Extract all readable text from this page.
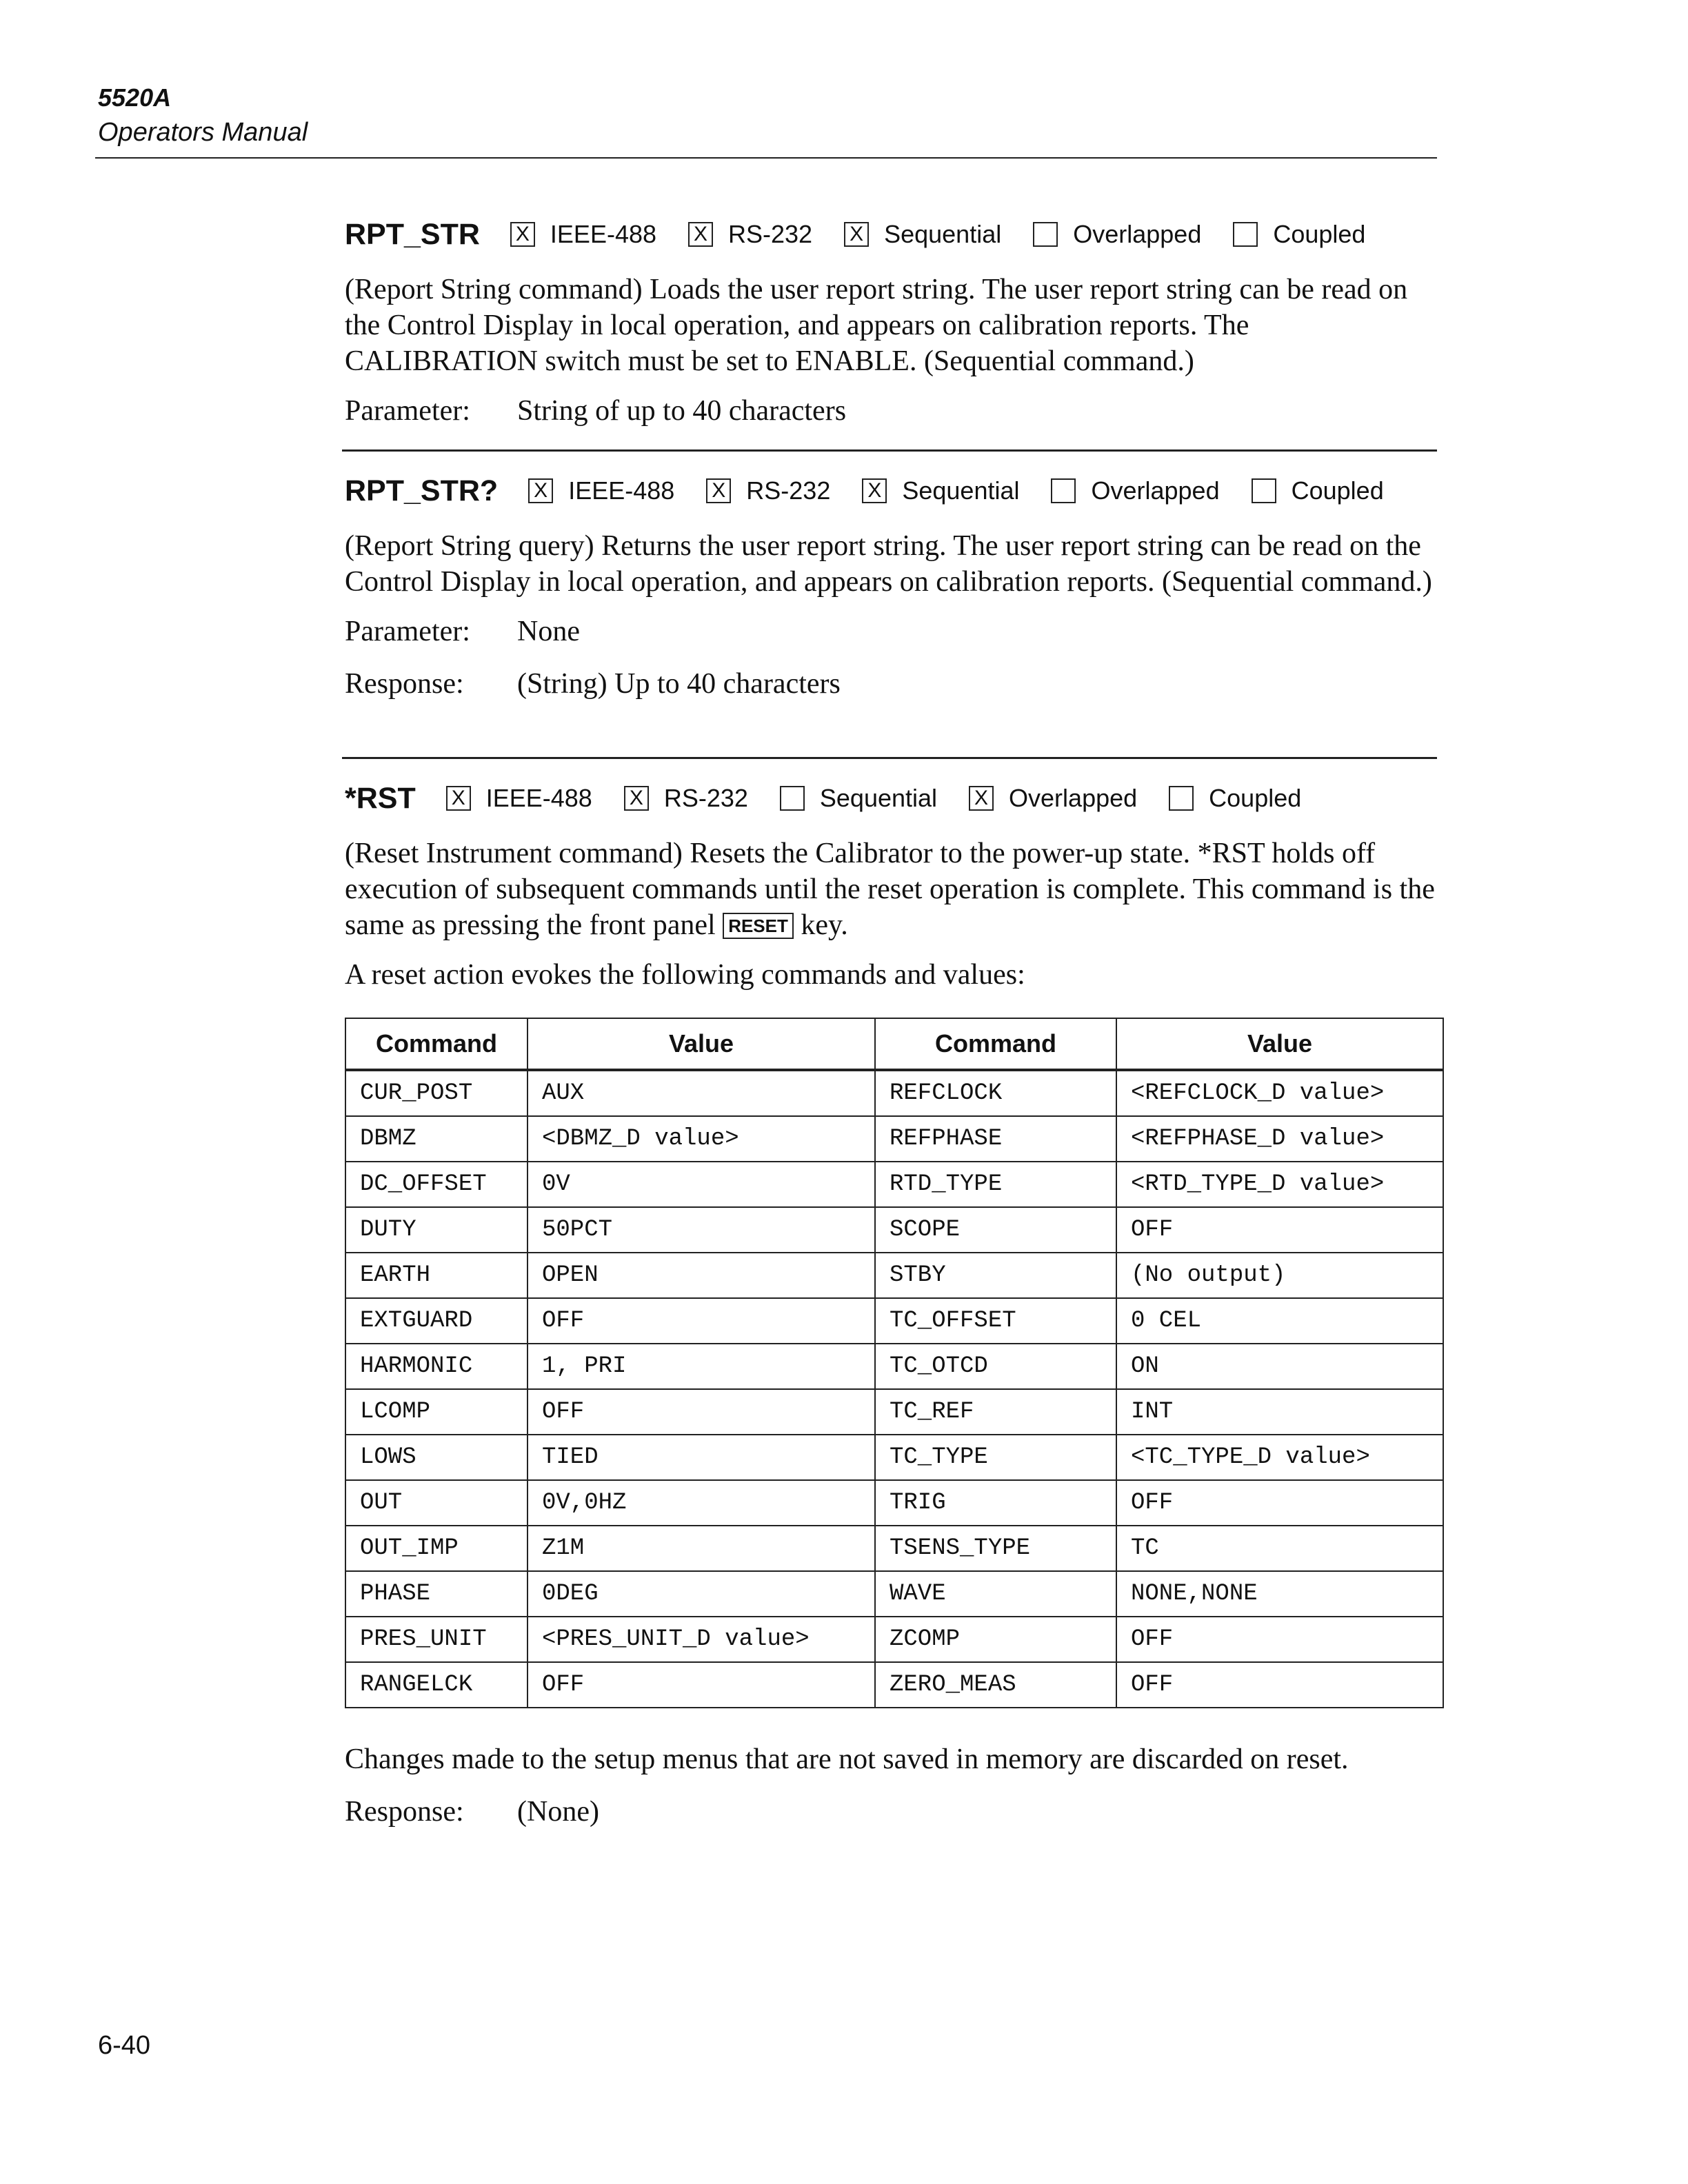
5520A
Operators Manual
RPT_STR X IEEE-488 X RS-232 X Sequential	Overlapped	Coupled

(Report String command) Loads the user report string. The user report string can be read on the Control Display in local operation, and appears on calibration reports. The CALIBRATION switch must be set to ENABLE. (Sequential command.)

Parameter:	String of up to 40 characters
RPT_STR? X IEEE-488 X RS-232 X Sequential	Overlapped	Coupled

(Report String query) Returns the user report string. The user report string can be read on the Control Display in local operation, and appears on calibration reports. (Sequential command.)

Parameter:	None
Response:	(String) Up to 40 characters
*RST X IEEE-488 X RS-232	Sequential X Overlapped	Coupled

(Reset Instrument command) Resets the Calibrator to the power-up state. *RST holds off execution of subsequent commands until the reset operation is complete. This command is the same as pressing the front panel RESET key.

A reset action evokes the following commands and values:

Command	Value	Command	Value
CUR_POST	AUX	REFCLOCK	<REFCLOCK_D value>
DBMZ	<DBMZ_D value>	REFPHASE	<REFPHASE_D value>
DC_OFFSET	0V	RTD_TYPE	<RTD_TYPE_D value>
DUTY	50PCT	SCOPE	OFF
EARTH	OPEN	STBY	(No output)
EXTGUARD	OFF	TC_OFFSET	0 CEL
HARMONIC	1, PRI	TC_OTCD	ON
LCOMP	OFF	TC_REF	INT
LOWS	TIED	TC_TYPE	<TC_TYPE_D value>
OUT	0V,0HZ	TRIG	OFF
OUT_IMP	Z1M	TSENS_TYPE	TC
PHASE	0DEG	WAVE	NONE,NONE
PRES_UNIT	<PRES_UNIT_D value>	ZCOMP	OFF
RANGELCK	OFF	ZERO_MEAS	OFF

Changes made to the setup menus that are not saved in memory are discarded on reset.

Response:	(None)
6-40
